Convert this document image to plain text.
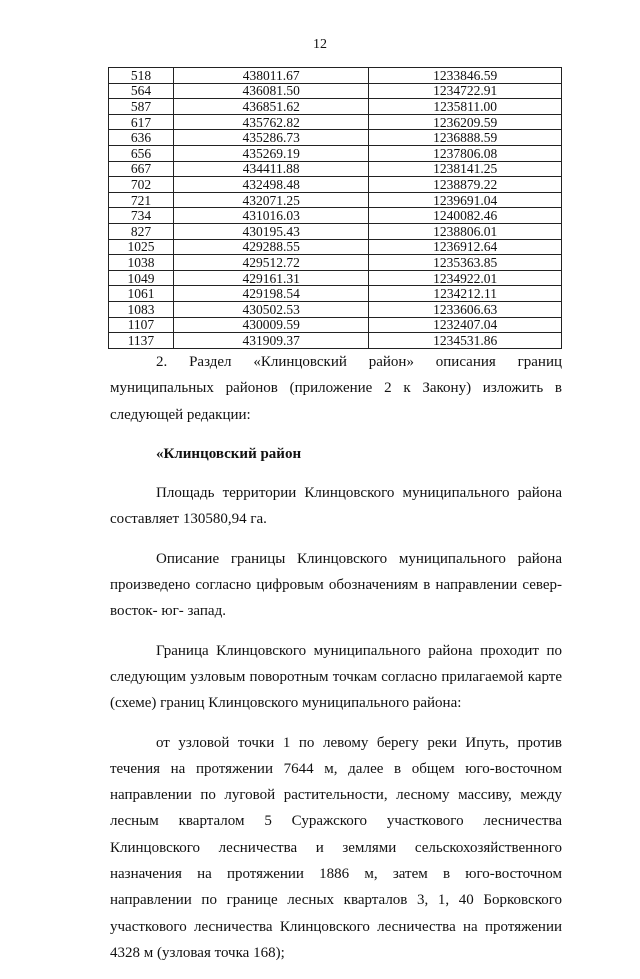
12
518	438011.67	1233846.59
564	436081.50	1234722.91
587	436851.62	1235811.00
617	435762.82	1236209.59
636	435286.73	1236888.59
656	435269.19	1237806.08
667	434411.88	1238141.25
702	432498.48	1238879.22
721	432071.25	1239691.04
734	431016.03	1240082.46
827	430195.43	1238806.01
1025	429288.55	1236912.64
1038	429512.72	1235363.85
1049	429161.31	1234922.01
1061	429198.54	1234212.11
1083	430502.53	1233606.63
1107	430009.59	1232407.04
1137	431909.37	1234531.86

2. Раздел «Клинцовский район» описания границ муниципальных районов (приложение 2 к Закону) изложить в следующей редакции:

«Клинцовский район

Площадь территории Клинцовского муниципального района составляет 130580,94 га.

Описание границы Клинцовского муниципального района произведено согласно цифровым обозначениям в направлении север- восток- юг- запад.

Граница Клинцовского муниципального района проходит по следующим узловым поворотным точкам согласно прилагаемой карте (схеме) границ Клинцовского муниципального района:

от узловой точки 1 по левому берегу реки Ипуть, против течения на протяжении 7644 м, далее в общем юго-восточном направлении по луговой растительности, лесному массиву, между лесным кварталом 5 Суражского участкового лесничества Клинцовского лесничества и землями сельскохозяйственного назначения на протяжении 1886 м, затем в юго-восточном направлении по границе лесных кварталов 3, 1, 40 Борковского участкового лесничества Клинцовского лесничества на протяжении 4328 м (узловая точка 168);
